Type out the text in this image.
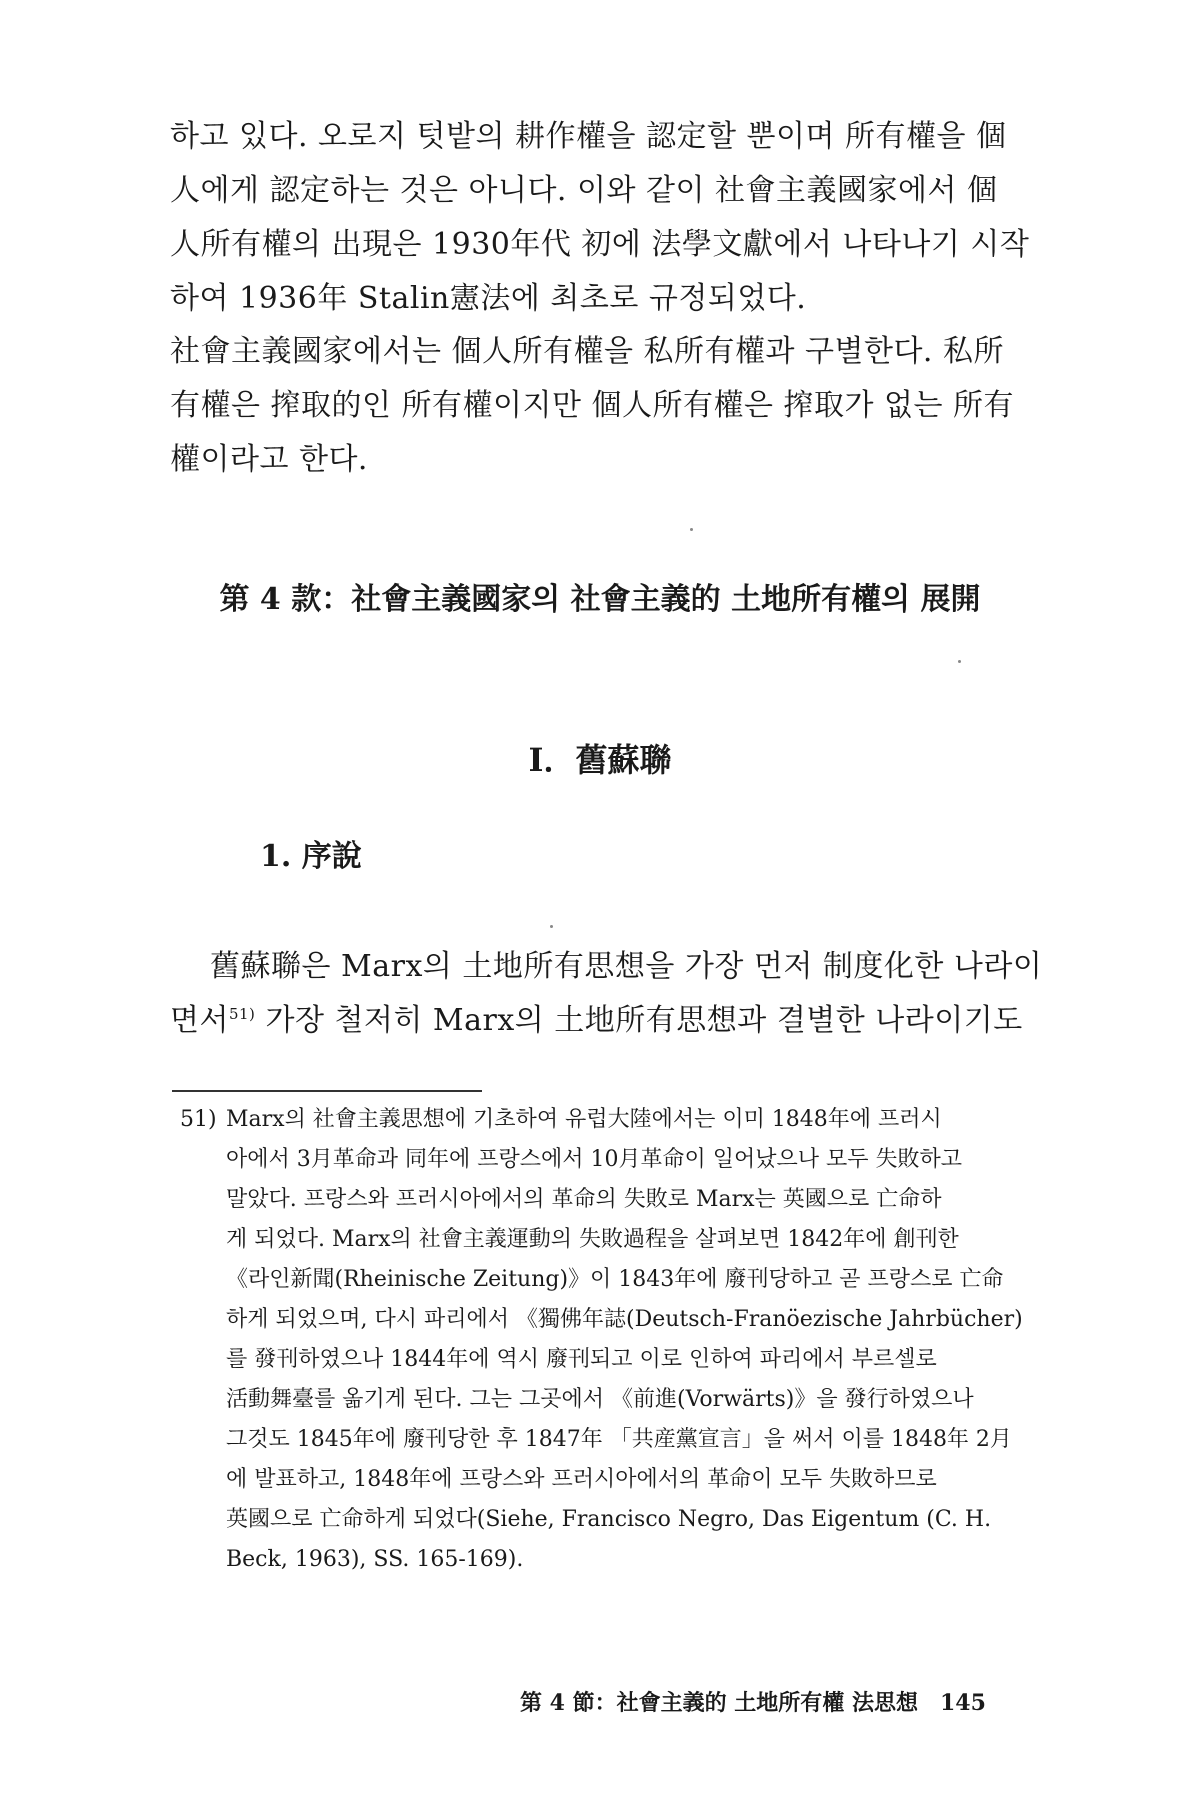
하고 있다. 오로지 텃밭의 耕作權을 認定할 뿐이며 所有權을 個
人에게 認定하는 것은 아니다. 이와 같이 社會主義國家에서 個
人所有權의 出現은 1930年代 初에 法學文獻에서 나타나기 시작
하여 1936年 Stalin憲法에 최초로 규정되었다.
社會主義國家에서는 個人所有權을 私所有權과 구별한다. 私所
有權은 搾取的인 所有權이지만 個人所有權은 搾取가 없는 所有
權이라고 한다.
第 4 款：社會主義國家의 社會主義的 土地所有權의 展開
I．舊蘇聯
1. 序說
舊蘇聯은 Marx의 土地所有思想을 가장 먼저 制度化한 나라이
면서$^{51)}$ 가장 철저히 Marx의 土地所有思想과 결별한 나라이기도
51) Marx의 社會主義思想에 기초하여 유럽大陸에서는 이미 1848年에 프러시
아에서 3月革命과 同年에 프랑스에서 10月革命이 일어났으나 모두 失敗하고
말았다. 프랑스와 프러시아에서의 革命의 失敗로 Marx는 英國으로 亡命하
게 되었다. Marx의 社會主義運動의 失敗過程을 살펴보면 1842年에 創刊한
《라인新聞(Rheinische Zeitung)》이 1843年에 廢刊당하고 곧 프랑스로 亡命
하게 되었으며, 다시 파리에서 《獨佛年誌(Deutsch-Franöezische Jahrbücher)
를 發刊하였으나 1844年에 역시 廢刊되고 이로 인하여 파리에서 부르셀로
活動舞臺를 옮기게 된다. 그는 그곳에서 《前進(Vorwärts)》을 發行하였으나
그것도 1845年에 廢刊당한 후 1847年 「共産黨宣言」을 써서 이를 1848年 2月
에 발표하고, 1848年에 프랑스와 프러시아에서의 革命이 모두 失敗하므로
英國으로 亡命하게 되었다(Siehe, Francisco Negro, Das Eigentum (C. H.
Beck, 1963), SS. 165-169).
第 4 節：社會主義的 土地所有權 法思想 145
